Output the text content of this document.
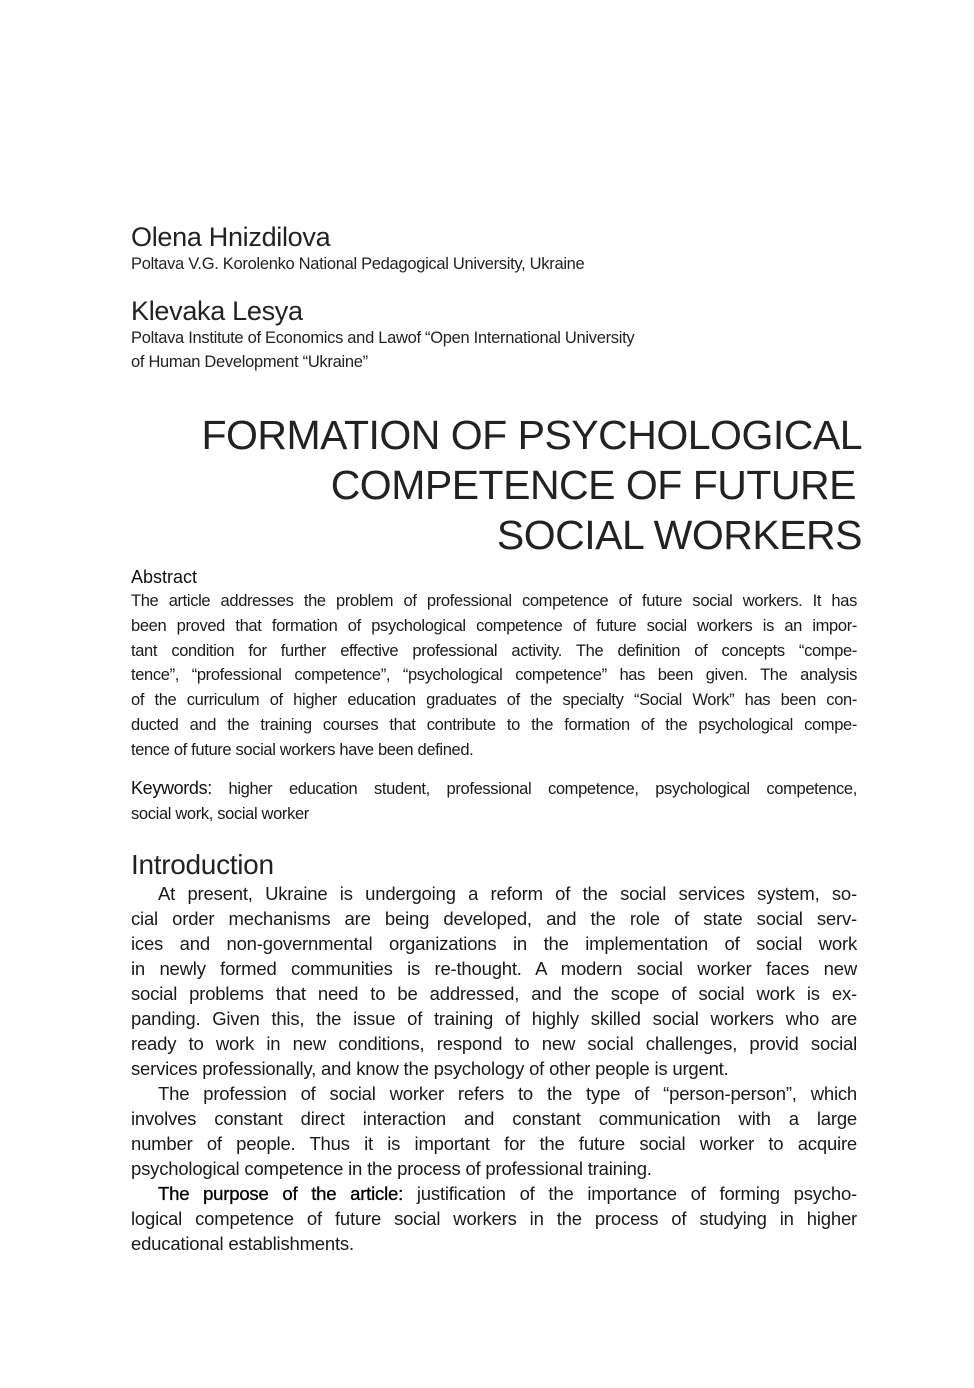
Olena Hnizdilova
Poltava V.G. Korolenko National Pedagogical University, Ukraine
Klevaka Lesya
Poltava Institute of Economics and Lawof “Open International University
of Human Development “Ukraine”
FORMATION OF PSYCHOLOGICAL
COMPETENCE OF FUTURE
SOCIAL WORKERS
Abstract
The article addresses the problem of professional competence of future social workers. It has
been proved that formation of psychological competence of future social workers is an impor-
tant condition for further effective professional activity. The definition of concepts “compe-
tence”, “professional competence”, “psychological competence” has been given. The analysis
of the curriculum of higher education graduates of the specialty “Social Work” has been con-
ducted and the training courses that contribute to the formation of the psychological compe-
tence of future social workers have been defined.
Keywords: higher education student, professional competence, psychological competence,
social work, social worker
Introduction
At present, Ukraine is undergoing a reform of the social services system, so-
cial order mechanisms are being developed, and the role of state social serv-
ices and non-governmental organizations in the implementation of social work
in newly formed communities is re-thought. A modern social worker faces new
social problems that need to be addressed, and the scope of social work is ex-
panding. Given this, the issue of training of highly skilled social workers who are
ready to work in new conditions, respond to new social challenges, provid social
services professionally, and know the psychology of other people is urgent.
The profession of social worker refers to the type of “person-person”, which
involves constant direct interaction and constant communication with a large
number of people. Thus it is important for the future social worker to acquire
psychological competence in the process of professional training.
The purpose of the article: justification of the importance of forming psycho-
logical competence of future social workers in the process of studying in higher
educational establishments.
